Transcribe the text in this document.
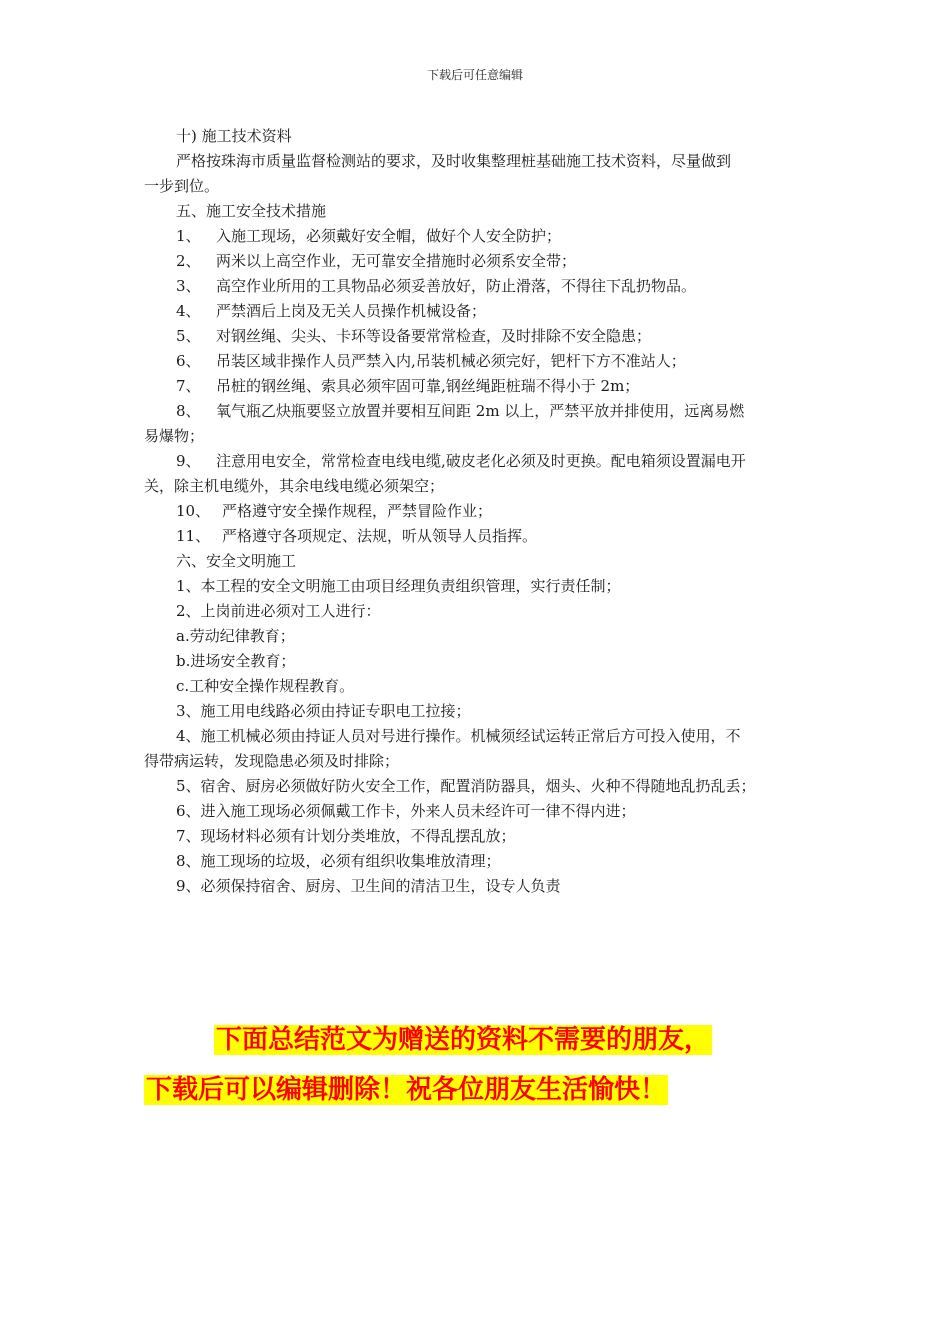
下载后可任意编辑
十) 施工技术资料
严格按珠海市质量监督检测站的要求，及时收集整理桩基础施工技术资料，尽量做到
一步到位。
五、施工安全技术措施
1、 入施工现场，必须戴好安全帽，做好个人安全防护；
2、 两米以上高空作业，无可靠安全措施时必须系安全带；
3、 高空作业所用的工具物品必须妥善放好，防止滑落，不得往下乱扔物品。
4、 严禁酒后上岗及无关人员操作机械设备；
5、 对钢丝绳、尖头、卡环等设备要常常检查，及时排除不安全隐患；
6、 吊装区域非操作人员严禁入内,吊装机械必须完好，钯杆下方不准站人；
7、 吊桩的钢丝绳、索具必须牢固可靠,钢丝绳距桩瑞不得小于 2m；
8、 氧气瓶乙炔瓶要竖立放置并要相互间距 2m 以上，严禁平放并排使用，远离易燃
易爆物；
9、 注意用电安全，常常检查电线电缆,破皮老化必须及时更换。配电箱须设置漏电开
关，除主机电缆外，其余电线电缆必须架空；
10、 严格遵守安全操作规程，严禁冒险作业；
11、 严格遵守各项规定、法规，听从领导人员指挥。
六、安全文明施工
1、本工程的安全文明施工由项目经理负责组织管理，实行责任制；
2、上岗前进必须对工人进行：
a.劳动纪律教育；
b.进场安全教育；
c.工种安全操作规程教育。
3、施工用电线路必须由持证专职电工拉接；
4、施工机械必须由持证人员对号进行操作。机械须经试运转正常后方可投入使用，不
得带病运转，发现隐患必须及时排除；
5、宿舍、厨房必须做好防火安全工作，配置消防器具，烟头、火种不得随地乱扔乱丢；
6、进入施工现场必须佩戴工作卡，外来人员未经许可一律不得内进；
7、现场材料必须有计划分类堆放，不得乱摆乱放；
8、施工现场的垃圾，必须有组织收集堆放清理；
9、必须保持宿舍、厨房、卫生间的清洁卫生，设专人负责
下面总结范文为赠送的资料不需要的朋友，
下载后可以编辑删除！祝各位朋友生活愉快！
